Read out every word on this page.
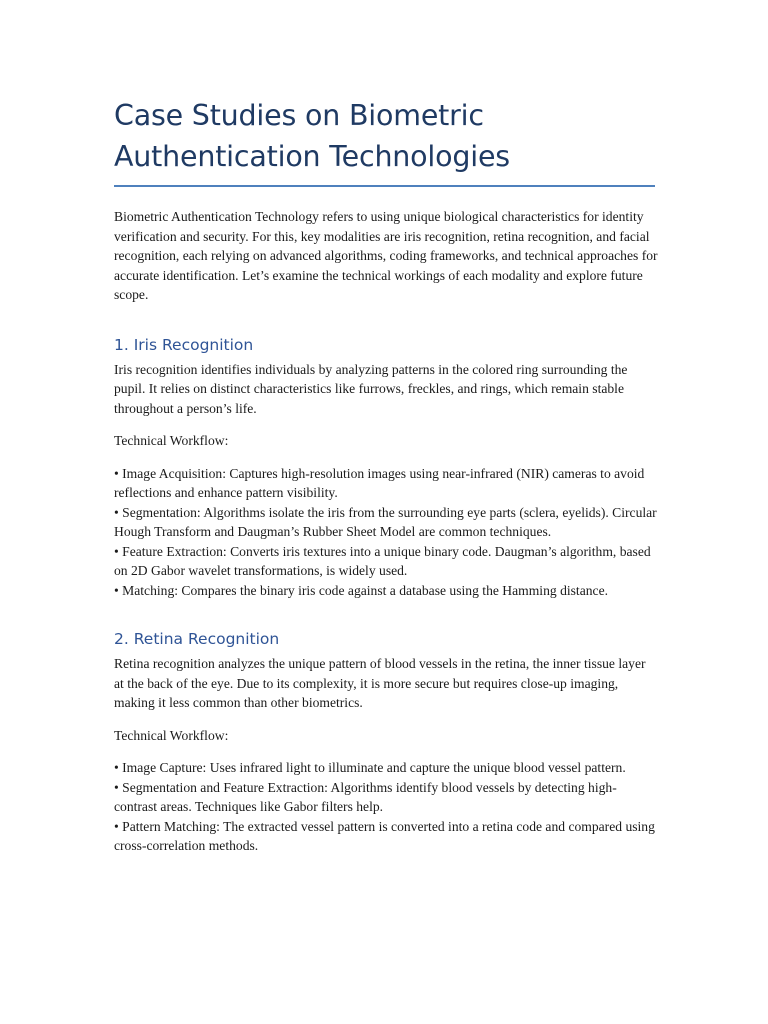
Case Studies on Biometric
Authentication Technologies

Biometric Authentication Technology refers to using unique biological characteristics for identity verification and security. For this, key modalities are iris recognition, retina recognition, and facial recognition, each relying on advanced algorithms, coding frameworks, and technical approaches for accurate identification. Let’s examine the technical workings of each modality and explore future scope.

1. Iris Recognition

Iris recognition identifies individuals by analyzing patterns in the colored ring surrounding the pupil. It relies on distinct characteristics like furrows, freckles, and rings, which remain stable throughout a person’s life.

Technical Workflow:

• Image Acquisition: Captures high-resolution images using near-infrared (NIR) cameras to avoid reflections and enhance pattern visibility.
• Segmentation: Algorithms isolate the iris from the surrounding eye parts (sclera, eyelids). Circular Hough Transform and Daugman’s Rubber Sheet Model are common techniques.
• Feature Extraction: Converts iris textures into a unique binary code. Daugman’s algorithm, based on 2D Gabor wavelet transformations, is widely used.
• Matching: Compares the binary iris code against a database using the Hamming distance.
2. Retina Recognition

Retina recognition analyzes the unique pattern of blood vessels in the retina, the inner tissue layer at the back of the eye. Due to its complexity, it is more secure but requires close-up imaging, making it less common than other biometrics.

Technical Workflow:

• Image Capture: Uses infrared light to illuminate and capture the unique blood vessel pattern.
• Segmentation and Feature Extraction: Algorithms identify blood vessels by detecting high-contrast areas. Techniques like Gabor filters help.
• Pattern Matching: The extracted vessel pattern is converted into a retina code and compared using cross-correlation methods.
